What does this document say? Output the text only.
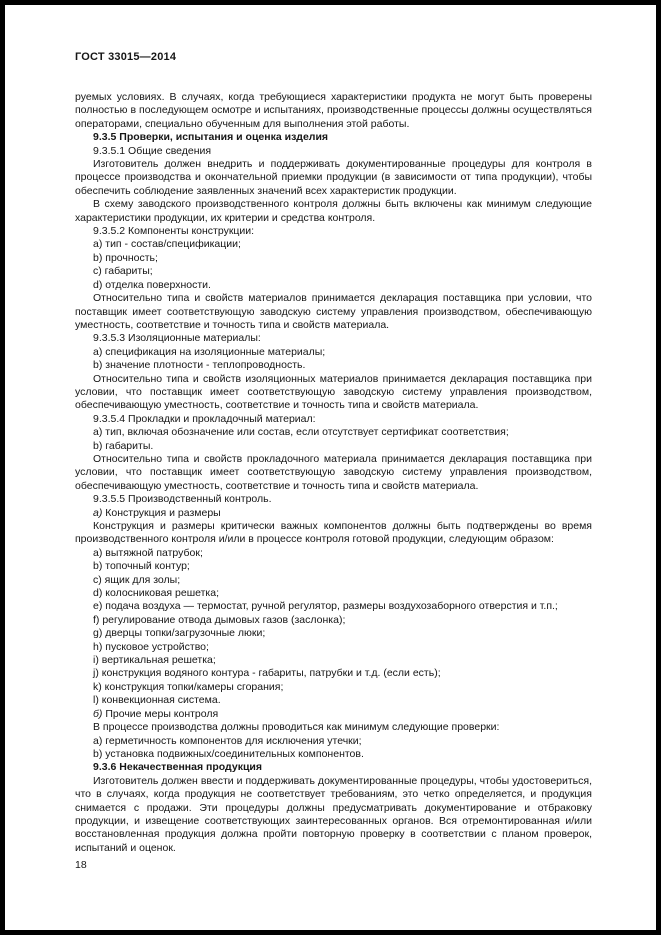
ГОСТ 33015—2014

руемых условиях. В случаях, когда требующиеся характеристики продукта не могут быть проверены полностью в последующем осмотре и испытаниях, производственные процессы должны осуществляться операторами, специально обученным для выполнения этой работы.

9.3.5 Проверки, испытания и оценка изделия

9.3.5.1 Общие сведения

Изготовитель должен внедрить и поддерживать документированные процедуры для контроля в процессе производства и окончательной приемки продукции (в зависимости от типа продукции), чтобы обеспечить соблюдение заявленных значений всех характеристик продукции.

В схему заводского производственного контроля должны быть включены как минимум следующие характеристики продукции, их критерии и средства контроля.

9.3.5.2 Компоненты конструкции:

a) тип - состав/спецификации;

b) прочность;

c) габариты;

d) отделка поверхности.

Относительно типа и свойств материалов принимается декларация поставщика при условии, что поставщик имеет соответствующую заводскую систему управления производством, обеспечивающую уместность, соответствие и точность типа и свойств материала.

9.3.5.3 Изоляционные материалы:

a) спецификация на изоляционные материалы;

b) значение плотности - теплопроводность.

Относительно типа и свойств изоляционных материалов принимается декларация поставщика при условии, что поставщик имеет соответствующую заводскую систему управления производством, обеспечивающую уместность, соответствие и точность типа и свойств материала.

9.3.5.4 Прокладки и прокладочный материал:

a) тип, включая обозначение или состав, если отсутствует сертификат соответствия;

b) габариты.

Относительно типа и свойств прокладочного материала принимается декларация поставщика при условии, что поставщик имеет соответствующую заводскую систему управления производством, обеспечивающую уместность, соответствие и точность типа и свойств материала.

9.3.5.5 Производственный контроль.

а) Конструкция и размеры

Конструкция и размеры критически важных компонентов должны быть подтверждены во время производственного контроля и/или в процессе контроля готовой продукции, следующим образом:

a) вытяжной патрубок;

b) топочный контур;

c) ящик для золы;

d) колосниковая решетка;

e) подача воздуха — термостат, ручной регулятор, размеры воздухозаборного отверстия и т.п.;

f) регулирование отвода дымовых газов (заслонка);

g) дверцы топки/загрузочные люки;

h) пусковое устройство;

i) вертикальная решетка;

j) конструкция водяного контура - габариты, патрубки и т.д. (если есть);

k) конструкция топки/камеры сгорания;

l) конвекционная система.

б) Прочие меры контроля

В процессе производства должны проводиться как минимум следующие проверки:

a) герметичность компонентов для исключения утечки;

b) установка подвижных/соединительных компонентов.

9.3.6 Некачественная продукция

Изготовитель должен ввести и поддерживать документированные процедуры, чтобы удостовериться, что в случаях, когда продукция не соответствует требованиям, это четко определяется, и продукция снимается с продажи. Эти процедуры должны предусматривать документирование и отбраковку продукции, и извещение соответствующих заинтересованных органов. Вся отремонтированная и/или восстановленная продукция должна пройти повторную проверку в соответствии с планом проверок, испытаний и оценок.

18
